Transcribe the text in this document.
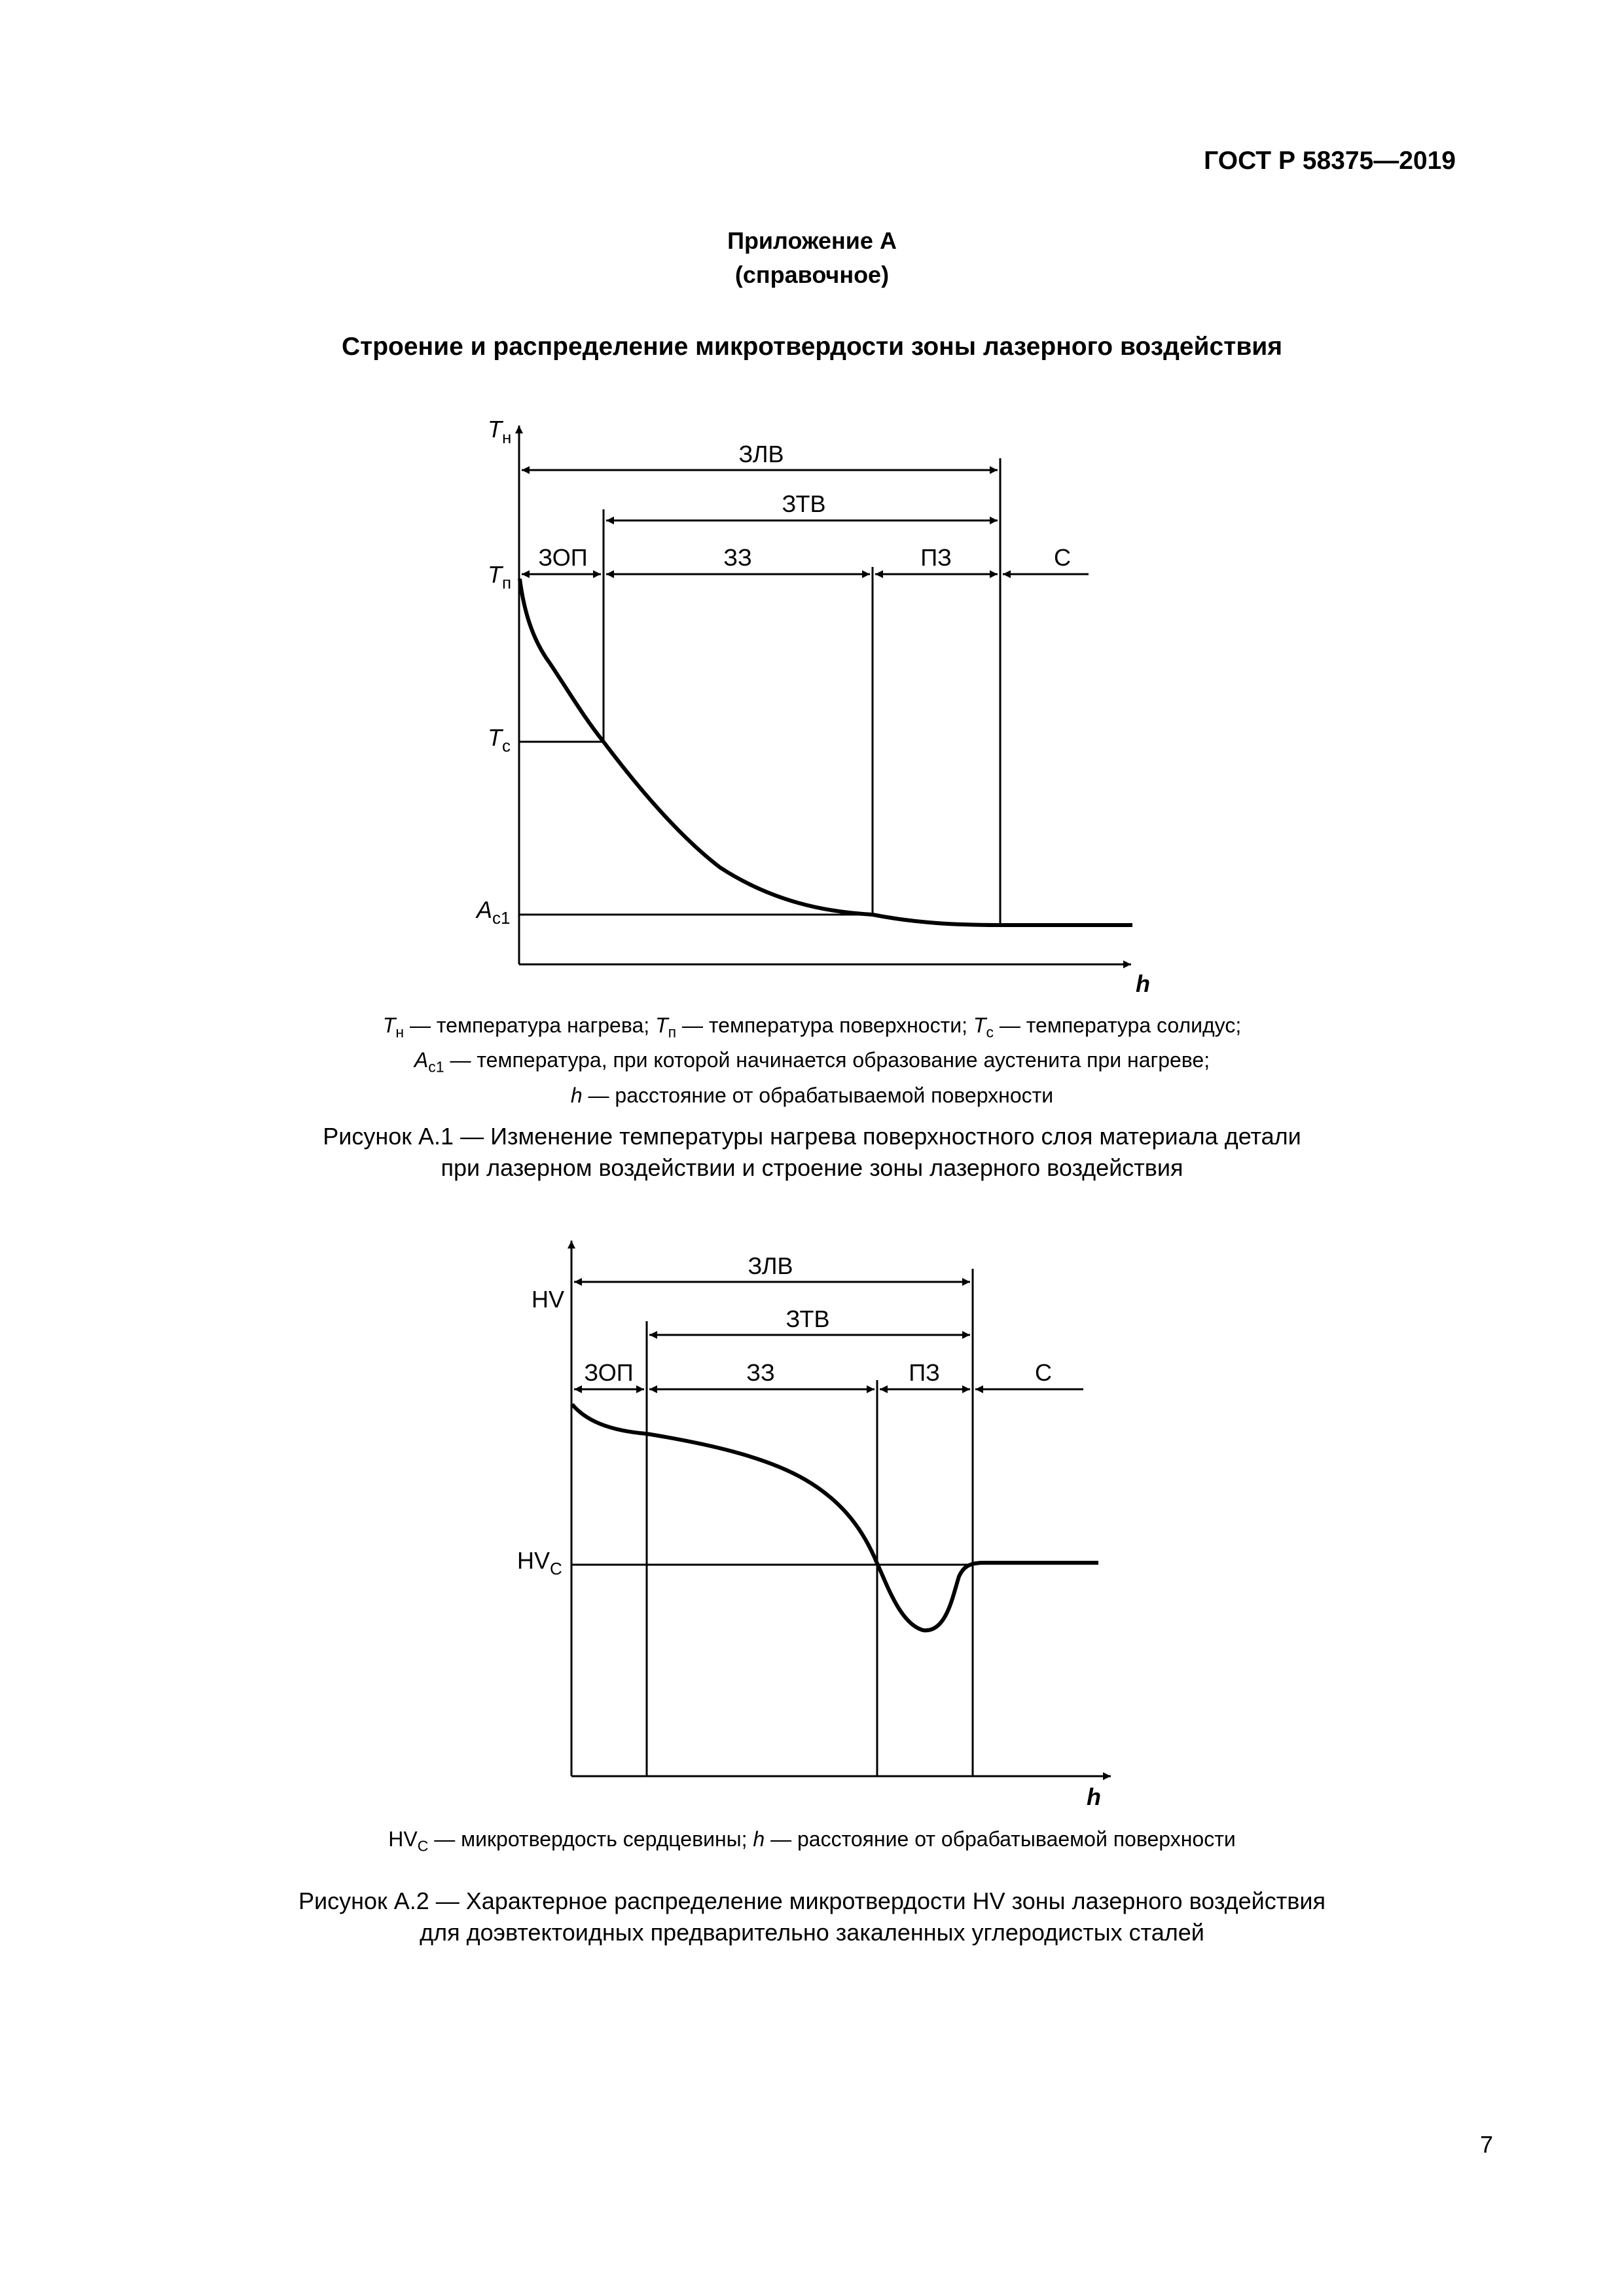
ГОСТ Р 58375—2019
Приложение А
(справочное)
Строение и распределение микротвердости зоны лазерного воздействия
$T_н$
$T_п$
$T_c$
$A_{c1}$
ЗЛВ
ЗТВ
ЗОП	ЗЗ	ПЗ	С
h
$T_н$ — температура нагрева; $T_п$ — температура поверхности; $T_c$ — температура солидус;
$A_{c1}$ — температура, при которой начинается образование аустенита при нагреве;
h — расстояние от обрабатываемой поверхности
Рисунок А.1 — Изменение температуры нагрева поверхностного слоя материала детали
при лазерном воздействии и строение зоны лазерного воздействия
HV
$HV_C$
ЗЛВ
ЗТВ
ЗОП	ЗЗ	ПЗ	С
h
$HV_C$ — микротвердость сердцевины; h — расстояние от обрабатываемой поверхности
Рисунок А.2 — Характерное распределение микротвердости HV зоны лазерного воздействия
для доэвтектоидных предварительно закаленных углеродистых сталей
7
